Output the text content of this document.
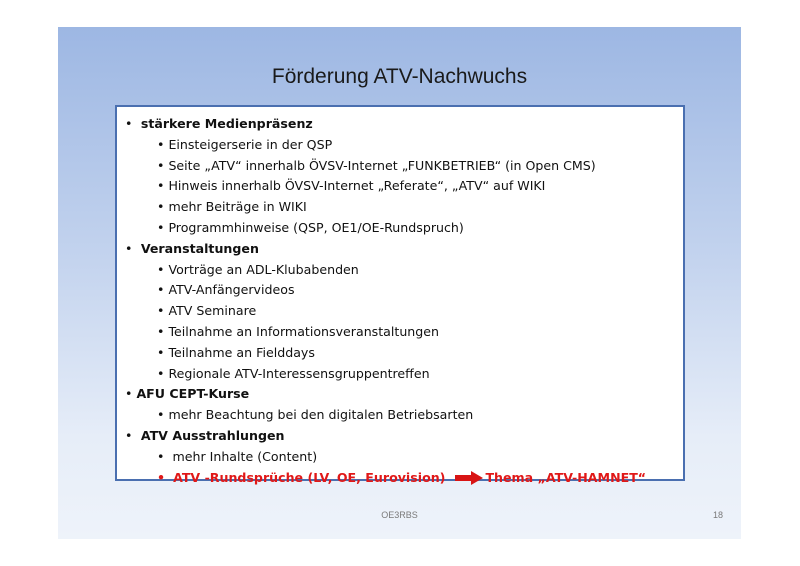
Förderung ATV-Nachwuchs
• stärkere Medienpräsenz
• Einsteigerserie in der QSP
• Seite „ATV“ innerhalb ÖVSV-Internet „FUNKBETRIEB“ (in Open CMS)
• Hinweis innerhalb ÖVSV-Internet „Referate“, „ATV“ auf WIKI
• mehr Beiträge in WIKI
• Programmhinweise (QSP, OE1/OE-Rundspruch)
• Veranstaltungen
• Vorträge an ADL-Klubabenden
• ATV-Anfängervideos
• ATV Seminare
• Teilnahme an Informationsveranstaltungen
• Teilnahme an Fielddays
• Regionale ATV-Interessensgruppentreffen
• AFU CEPT-Kurse
• mehr Beachtung bei den digitalen Betriebsarten
• ATV Ausstrahlungen
• mehr Inhalte (Content)
• ATV -Rundsprüche (LV, OE, Eurovision)	Thema „ATV-HAMNET“
OE3RBS	18
